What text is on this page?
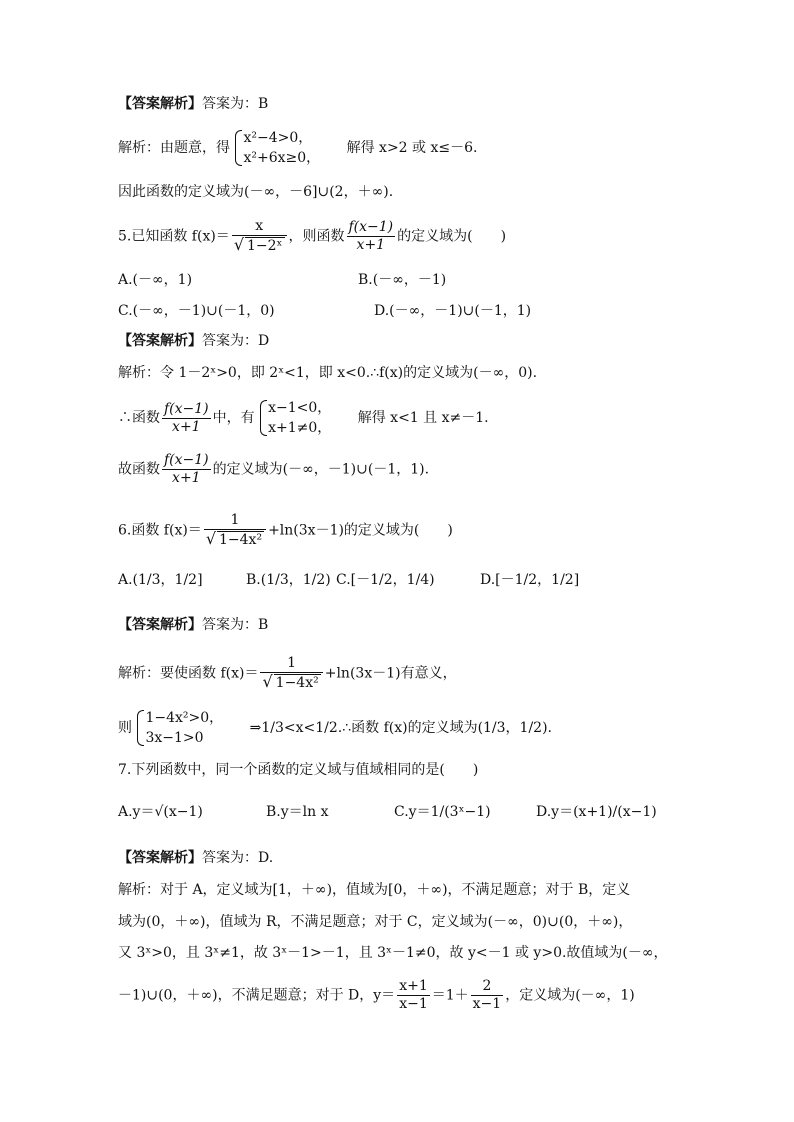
【答案解析】答案为：B
解析：由题意，得
x²−4>0，
x²+6x≥0，
解得 x>2 或 x≤－6.
因此函数的定义域为(－∞，－6]∪(2，＋∞).
5.已知函数 $f(x)= \frac{x}{\text{√ 1−2ˣ}}$ ，则函数 $\frac{f(x-1)}{x+1}$ 的定义域为(　　)
A.(－∞，1)	B.(－∞，－1)
C.(－∞，－1)∪(－1，0)	D.(－∞，－1)∪(－1，1)
【答案解析】答案为：D
解析：令 1－2ˣ>0，即 2ˣ<1，即 x<0.∴f(x)的定义域为(－∞，0).
∴函数 $\frac{f(x-1)}{x+1}$ 中，有
x−1<0，
x+1≠0，
解得 x<1 且 x≠－1.
故函数 $\frac{f(x-1)}{x+1}$ 的定义域为(－∞，－1)∪(－1，1).
6.函数 $f(x)= \frac{1}{\text{√ 1−4x²}} +\ln(3x-1)$的定义域为(　　)
A.(1/3，1/2]	B.(1/3，1/2) C.[－1/2，1/4)	D.[－1/2，1/2]
【答案解析】答案为：B
解析：要使函数 $f(x)= \frac{1}{\text{√ 1−4x²}} +\ln(3x-1)$有意义，
则
1−4x²>0，
3x−1>0
⇒1/3<x<1/2.∴函数 f(x)的定义域为(1/3，1/2).
7.下列函数中，同一个函数的定义域与值域相同的是(　　)
A.y＝√(x−1)	B.y＝ln x	C.y＝1/(3ˣ−1)	D.y＝(x+1)/(x−1)
【答案解析】答案为：D.
解析：对于 A，定义域为[1，＋∞)，值域为[0，＋∞)，不满足题意；对于 B，定义
域为(0，＋∞)，值域为 R，不满足题意；对于 C，定义域为(－∞，0)∪(0，＋∞)，
又 3ˣ>0，且 3ˣ≠1，故 3ˣ－1>－1，且 3ˣ－1≠0，故 y<－1 或 y>0.故值域为(－∞，
－1)∪(0，＋∞)，不满足题意；对于 D，$y= \frac{x+1}{x-1} =1+ \frac{2}{x-1}$ ，定义域为(－∞，1)
